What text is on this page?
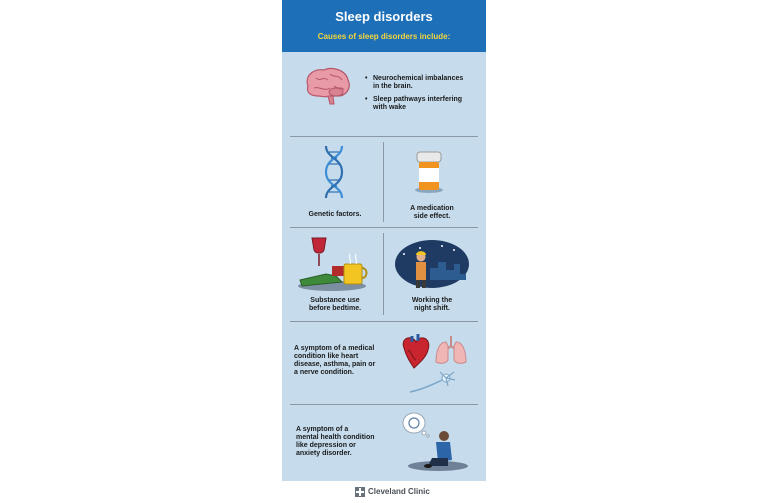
Sleep disorders
Causes of sleep disorders include:
• Neurochemical imbalances
in the brain.
• Sleep pathways interfering
with wake
Genetic factors.
A medication
side effect.
Substance use
before bedtime.
Working the
night shift.
A symptom of a medical
condition like heart
disease, asthma, pain or
a nerve condition.
A symptom of a
mental health condition
like depression or
anxiety disorder.
Cleveland Clinic
